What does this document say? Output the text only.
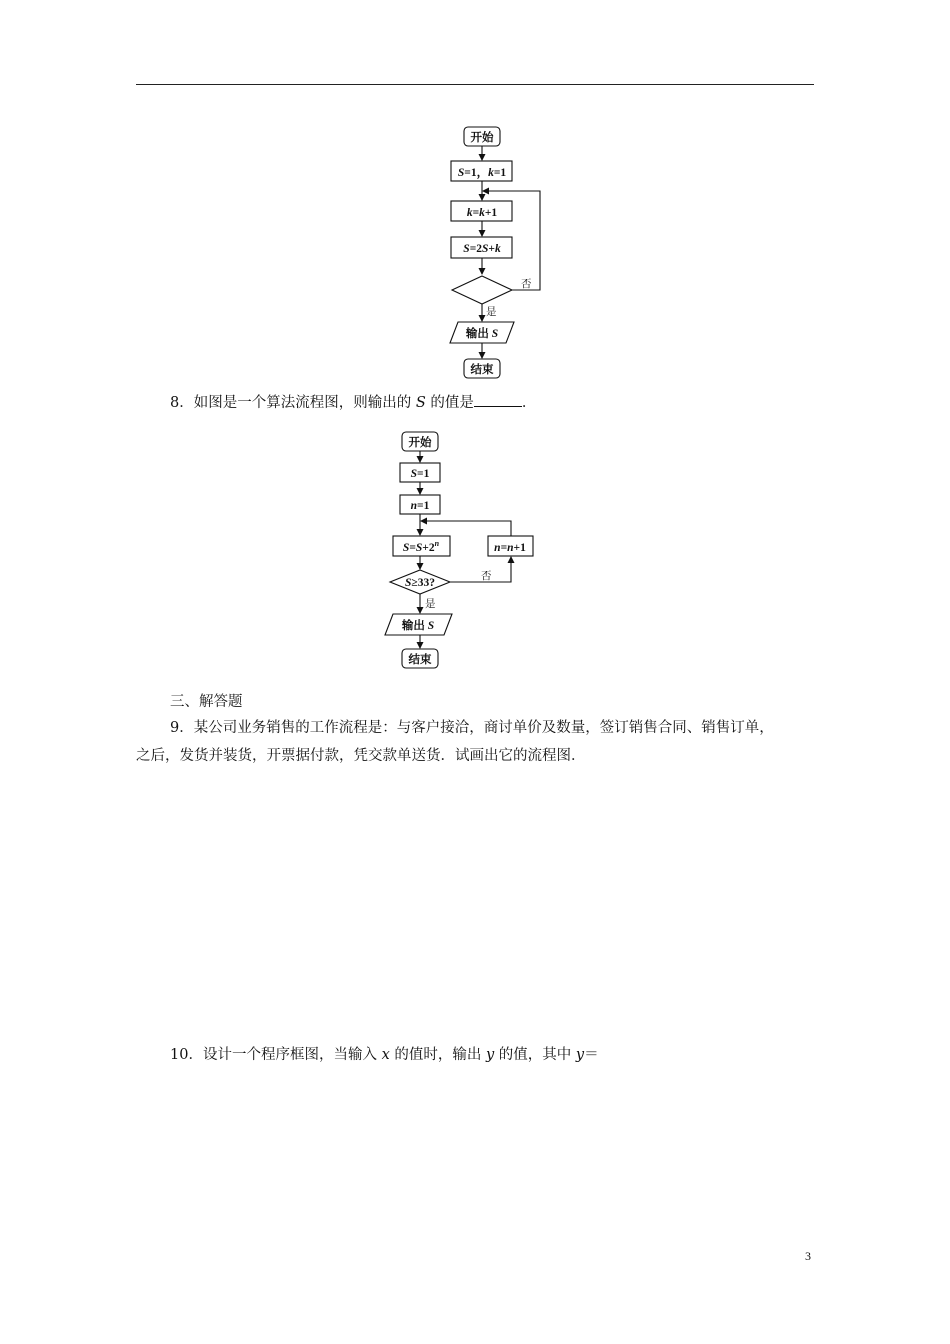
开始
S=1，k=1
k=k+1
S=2S+k
否
是
输出 S
结束
开始
S=1
n=1
$S=S+2^n$	n=n+1
S≥33?
否
是
输出 S
结束
8．如图是一个算法流程图，则输出的 S 的值是	．
三、解答题
9．某公司业务销售的工作流程是：与客户接洽，商讨单价及数量，签订销售合同、销售订单，
之后，发货并装货，开票据付款，凭交款单送货．试画出它的流程图．
10．设计一个程序框图，当输入 x 的值时，输出 y 的值，其中 y＝
3
